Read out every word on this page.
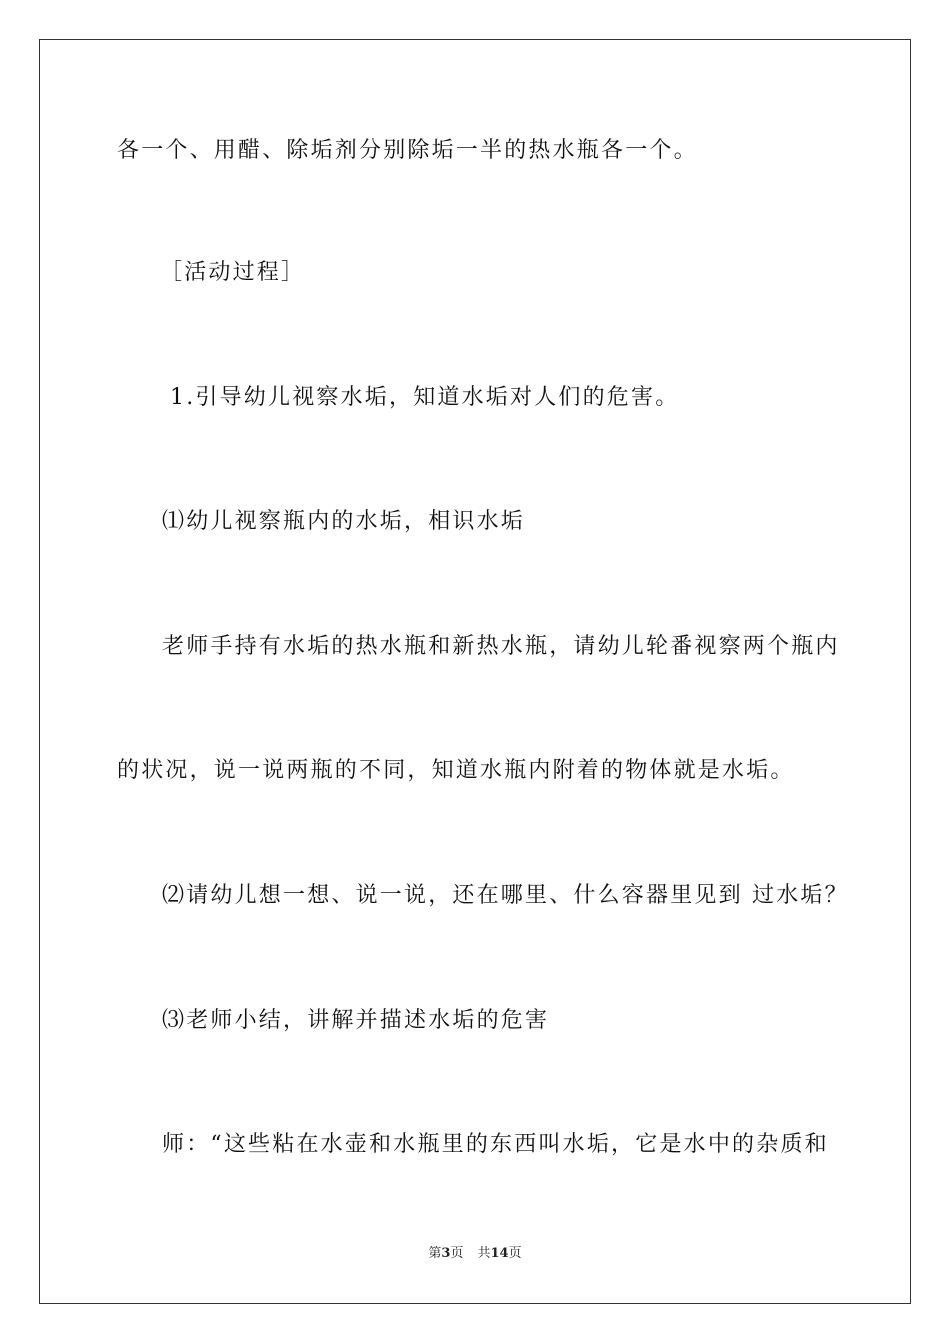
各一个、用醋、除垢剂分别除垢一半的热水瓶各一个。
［活动过程］
1.引导幼儿视察水垢，知道水垢对人们的危害。
⑴幼儿视察瓶内的水垢，相识水垢
老师手持有水垢的热水瓶和新热水瓶，请幼儿轮番视察两个瓶内
的状况，说一说两瓶的不同，知道水瓶内附着的物体就是水垢。
⑵请幼儿想一想、说一说，还在哪里、什么容器里见到 过水垢？
⑶老师小结，讲解并描述水垢的危害
师：“这些粘在水壶和水瓶里的东西叫水垢，它是水中的杂质和
第3页 共14页
